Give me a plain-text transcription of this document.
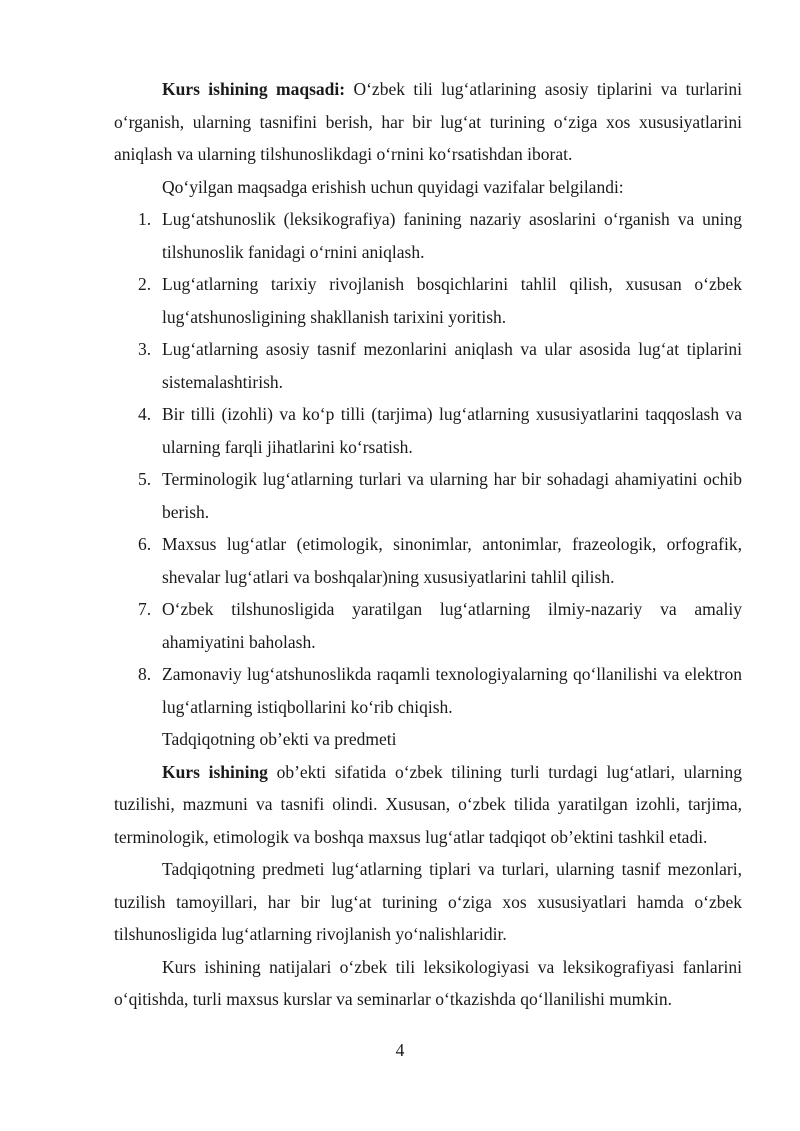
Kurs ishining maqsadi: O‘zbek tili lug‘atlarining asosiy tiplarini va turlarini o‘rganish, ularning tasnifini berish, har bir lug‘at turining o‘ziga xos xususiyatlarini aniqlash va ularning tilshunoslikdagi o‘rnini ko‘rsatishdan iborat.

Qo‘yilgan maqsadga erishish uchun quyidagi vazifalar belgilandi:

1. Lug‘atshunoslik (leksikografiya) fanining nazariy asoslarini o‘rganish va uning tilshunoslik fanidagi o‘rnini aniqlash.
2. Lug‘atlarning tarixiy rivojlanish bosqichlarini tahlil qilish, xususan o‘zbek lug‘atshunosligining shakllanish tarixini yoritish.
3. Lug‘atlarning asosiy tasnif mezonlarini aniqlash va ular asosida lug‘at tiplarini sistemalashtirish.
4. Bir tilli (izohli) va ko‘p tilli (tarjima) lug‘atlarning xususiyatlarini taqqoslash va ularning farqli jihatlarini ko‘rsatish.
5. Terminologik lug‘atlarning turlari va ularning har bir sohadagi ahamiyatini ochib berish.
6. Maxsus lug‘atlar (etimologik, sinonimlar, antonimlar, frazeologik, orfografik, shevalar lug‘atlari va boshqalar)ning xususiyatlarini tahlil qilish.
7. O‘zbek tilshunosligida yaratilgan lug‘atlarning ilmiy-nazariy va amaliy ahamiyatini baholash.
8. Zamonaviy lug‘atshunoslikda raqamli texnologiyalarning qo‘llanilishi va elektron lug‘atlarning istiqbollarini ko‘rib chiqish.

Tadqiqotning ob’ekti va predmeti

Kurs ishining ob’ekti sifatida o‘zbek tilining turli turdagi lug‘atlari, ularning tuzilishi, mazmuni va tasnifi olindi. Xususan, o‘zbek tilida yaratilgan izohli, tarjima, terminologik, etimologik va boshqa maxsus lug‘atlar tadqiqot ob’ektini tashkil etadi.

Tadqiqotning predmeti lug‘atlarning tiplari va turlari, ularning tasnif mezonlari, tuzilish tamoyillari, har bir lug‘at turining o‘ziga xos xususiyatlari hamda o‘zbek tilshunosligida lug‘atlarning rivojlanish yo‘nalishlaridir.

Kurs ishining natijalari o‘zbek tili leksikologiyasi va leksikografiyasi fanlarini o‘qitishda, turli maxsus kurslar va seminarlar o‘tkazishda qo‘llanilishi mumkin.

4
